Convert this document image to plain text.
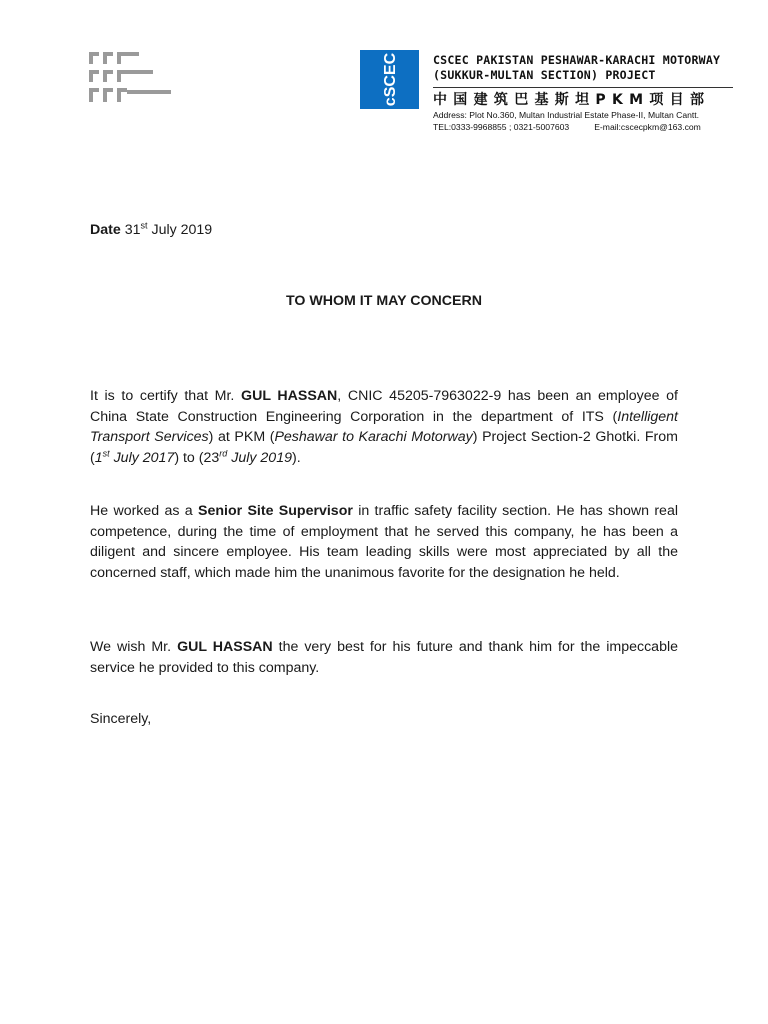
cSCEC	CSCEC PAKISTAN PESHAWAR-KARACHI MOTORWAY
(SUKKUR-MULTAN SECTION) PROJECT
中国建筑巴基斯坦PKM项目部
Address: Plot No.360, Multan Industrial Estate Phase-II, Multan Cantt.
TEL:0333-9968855 ; 0321-5007603	E-mail:cscecpkm@163.com
Date 31st July 2019
TO WHOM IT MAY CONCERN
It is to certify that Mr. GUL HASSAN, CNIC 45205-7963022-9 has been an employee of China State Construction Engineering Corporation in the department of ITS (Intelligent Transport Services) at PKM (Peshawar to Karachi Motorway) Project Section-2 Ghotki. From (1st July 2017) to (23rd July 2019).
He worked as a Senior Site Supervisor in traffic safety facility section. He has shown real competence, during the time of employment that he served this company, he has been a diligent and sincere employee. His team leading skills were most appreciated by all the concerned staff, which made him the unanimous favorite for the designation he held.
We wish Mr. GUL HASSAN the very best for his future and thank him for the impeccable service he provided to this company.
Sincerely,
